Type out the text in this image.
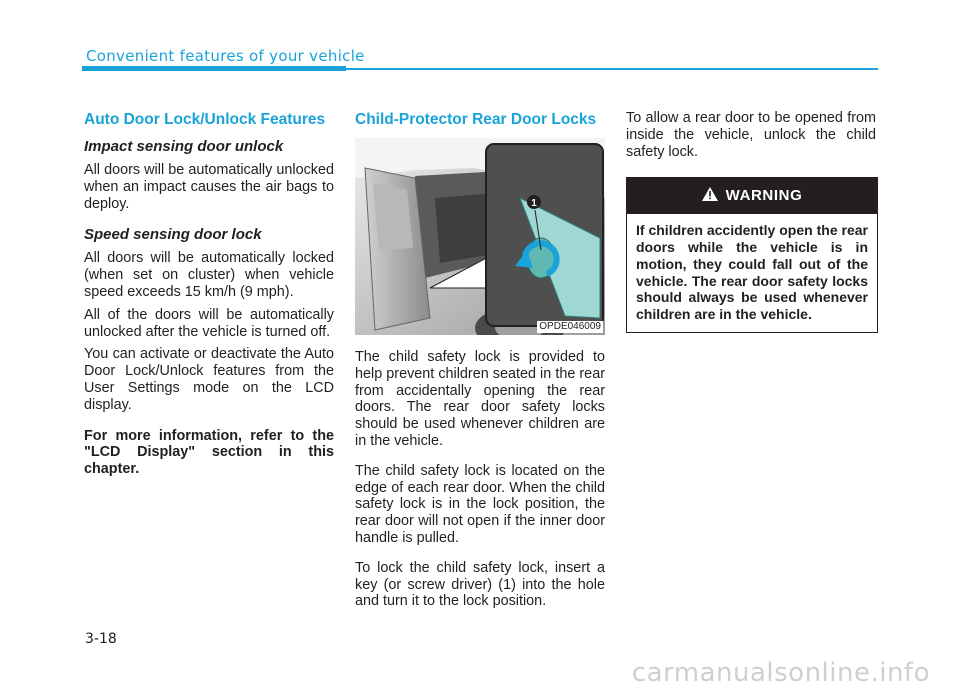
Convenient features of your vehicle
Auto Door Lock/Unlock Features
Impact sensing door unlock

All doors will be automatically unlocked when an impact causes the air bags to deploy.

Speed sensing door lock

All doors will be automatically locked (when set on cluster) when vehicle speed exceeds 15 km/h (9 mph).

All of the doors will be automatically unlocked after the vehicle is turned off.

You can activate or deactivate the Auto Door Lock/Unlock features from the User Settings mode on the LCD display.

For more information, refer to the "LCD Display" section in this chapter.

Child-Protector Rear Door Locks
1
OPDE046009

The child safety lock is provided to help prevent children seated in the rear from accidentally opening the rear doors. The rear door safety locks should be used whenever children are in the vehicle.

The child safety lock is located on the edge of each rear door. When the child safety lock is in the lock position, the rear door will not open if the inner door handle is pulled.

To lock the child safety lock, insert a key (or screw driver) (1) into the hole and turn it to the lock position.

To allow a rear door to be opened from inside the vehicle, unlock the child safety lock.

WARNING
If children accidently open the rear doors while the vehicle is in motion, they could fall out of the vehicle. The rear door safety locks should always be used whenever children are in the vehicle.
3-18
carmanualsonline.info
